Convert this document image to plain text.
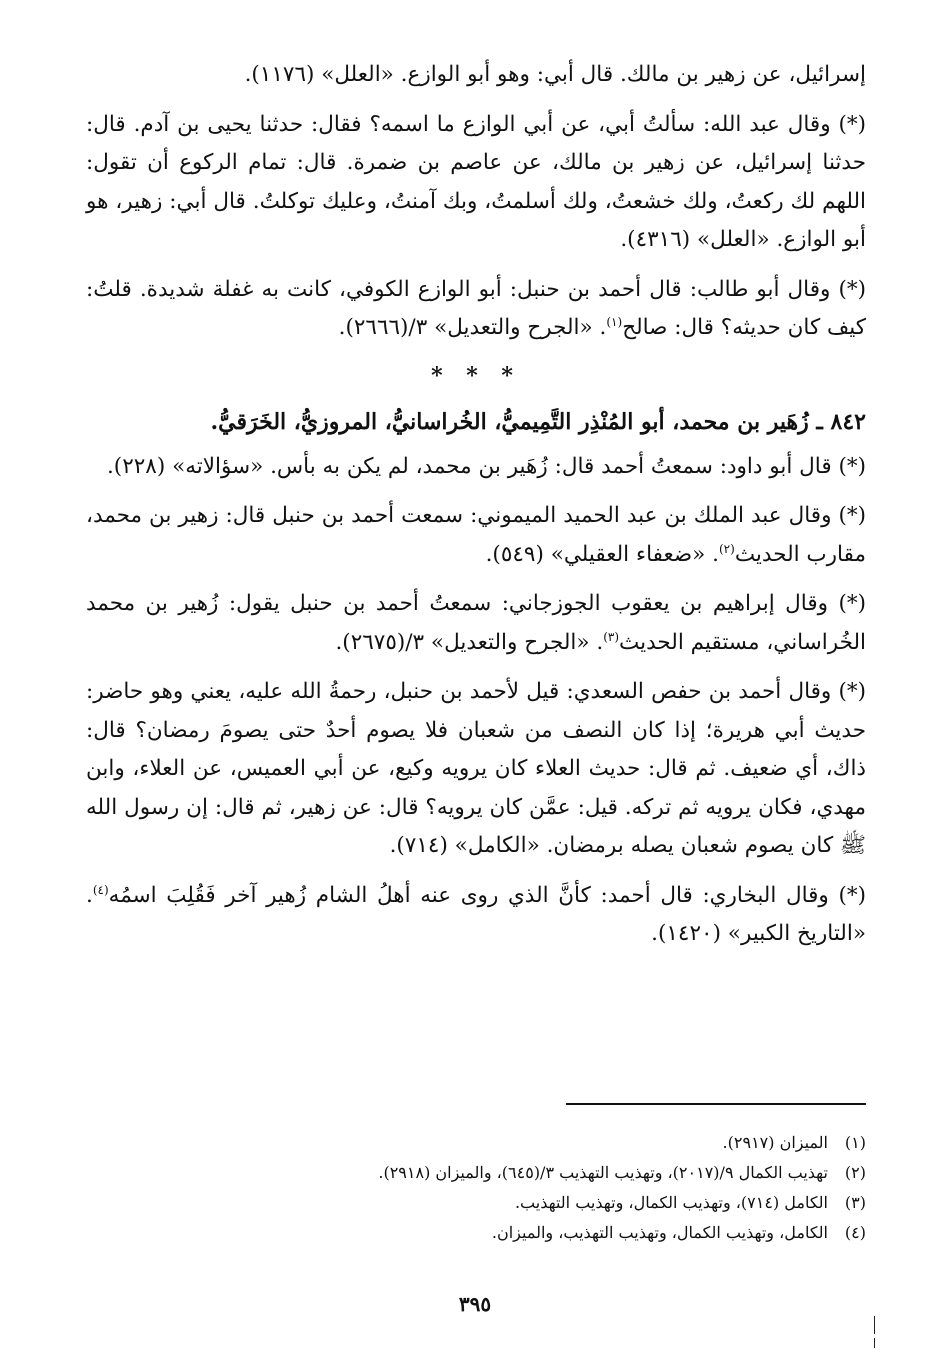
إسرائيل، عن زهير بن مالك. قال أبي: وهو أبو الوازع. «العلل» (١١٧٦).

(*) وقال عبد الله: سألتُ أبي، عن أبي الوازع ما اسمه؟ فقال: حدثنا يحيى بن آدم. قال: حدثنا إسرائيل، عن زهير بن مالك، عن عاصم بن ضمرة. قال: تمام الركوع أن تقول: اللهم لك ركعتُ، ولك خشعتُ، ولك أسلمتُ، وبك آمنتُ، وعليك توكلتُ. قال أبي: زهير، هو أبو الوازع. «العلل» (٤٣١٦).

(*) وقال أبو طالب: قال أحمد بن حنبل: أبو الوازع الكوفي، كانت به غفلة شديدة. قلتُ: كيف كان حديثه؟ قال: صالح$^{(١)}$. «الجرح والتعديل» ٣/(٢٦٦٦).

* * *
٨٤٢ ـ زُهَير بن محمد، أبو المُنْذِر التَّمِيميُّ، الخُراسانيُّ، المروزيُّ، الخَرَقيُّ.

(*) قال أبو داود: سمعتُ أحمد قال: زُهَير بن محمد، لم يكن به بأس. «سؤالاته» (٢٢٨).

(*) وقال عبد الملك بن عبد الحميد الميموني: سمعت أحمد بن حنبل قال: زهير بن محمد، مقارب الحديث$^{(٢)}$. «ضعفاء العقيلي» (٥٤٩).

(*) وقال إبراهيم بن يعقوب الجوزجاني: سمعتُ أحمد بن حنبل يقول: زُهير بن محمد الخُراساني، مستقيم الحديث$^{(٣)}$. «الجرح والتعديل» ٣/(٢٦٧٥).

(*) وقال أحمد بن حفص السعدي: قيل لأحمد بن حنبل، رحمةُ الله عليه، يعني وهو حاضر: حديث أبي هريرة؛ إذا كان النصف من شعبان فلا يصوم أحدٌ حتى يصومَ رمضان؟ قال: ذاك، أي ضعيف. ثم قال: حديث العلاء كان يرويه وكيع، عن أبي العميس، عن العلاء، وابن مهدي، فكان يرويه ثم تركه. قيل: عمَّن كان يرويه؟ قال: عن زهير، ثم قال: إن رسول الله ﷺ كان يصوم شعبان يصله برمضان. «الكامل» (٧١٤).

(*) وقال البخاري: قال أحمد: كأنَّ الذي روى عنه أهلُ الشام زُهير آخر فَقُلِبَ اسمُه$^{(٤)}$. «التاريخ الكبير» (١٤٢٠).

(١)الميزان (٢٩١٧).
(٢)تهذيب الكمال ٩/(٢٠١٧)، وتهذيب التهذيب ٣/(٦٤٥)، والميزان (٢٩١٨).
(٣)الكامل (٧١٤)، وتهذيب الكمال، وتهذيب التهذيب.
(٤)الكامل، وتهذيب الكمال، وتهذيب التهذيب، والميزان.
٣٩٥
